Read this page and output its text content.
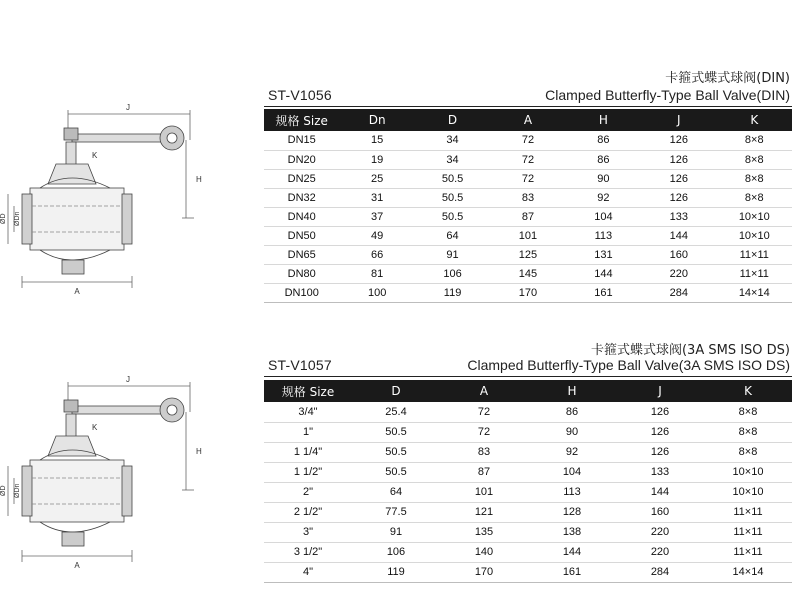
J
K
H
A
ØD ØDn
卡箍式蝶式球阀(DIN)
ST-V1056	Clamped Butterfly-Type Ball Valve(DIN)
规格 Size	Dn	D	A	H	J	K
DN15	15	34	72	86	126	8×8
DN20	19	34	72	86	126	8×8
DN25	25	50.5	72	90	126	8×8
DN32	31	50.5	83	92	126	8×8
DN40	37	50.5	87	104	133	10×10
DN50	49	64	101	113	144	10×10
DN65	66	91	125	131	160	11×11
DN80	81	106	145	144	220	11×11
DN100	100	119	170	161	284	14×14
J
K
H
A
ØD ØDn
卡箍式蝶式球阀(3A SMS ISO DS)
ST-V1057	Clamped Butterfly-Type Ball Valve(3A SMS ISO DS)
规格 Size	D	A	H	J	K
3/4"	25.4	72	86	126	8×8
1"	50.5	72	90	126	8×8
1 1/4"	50.5	83	92	126	8×8
1 1/2"	50.5	87	104	133	10×10
2"	64	101	113	144	10×10
2 1/2"	77.5	121	128	160	11×11
3"	91	135	138	220	11×11
3 1/2"	106	140	144	220	11×11
4"	119	170	161	284	14×14
